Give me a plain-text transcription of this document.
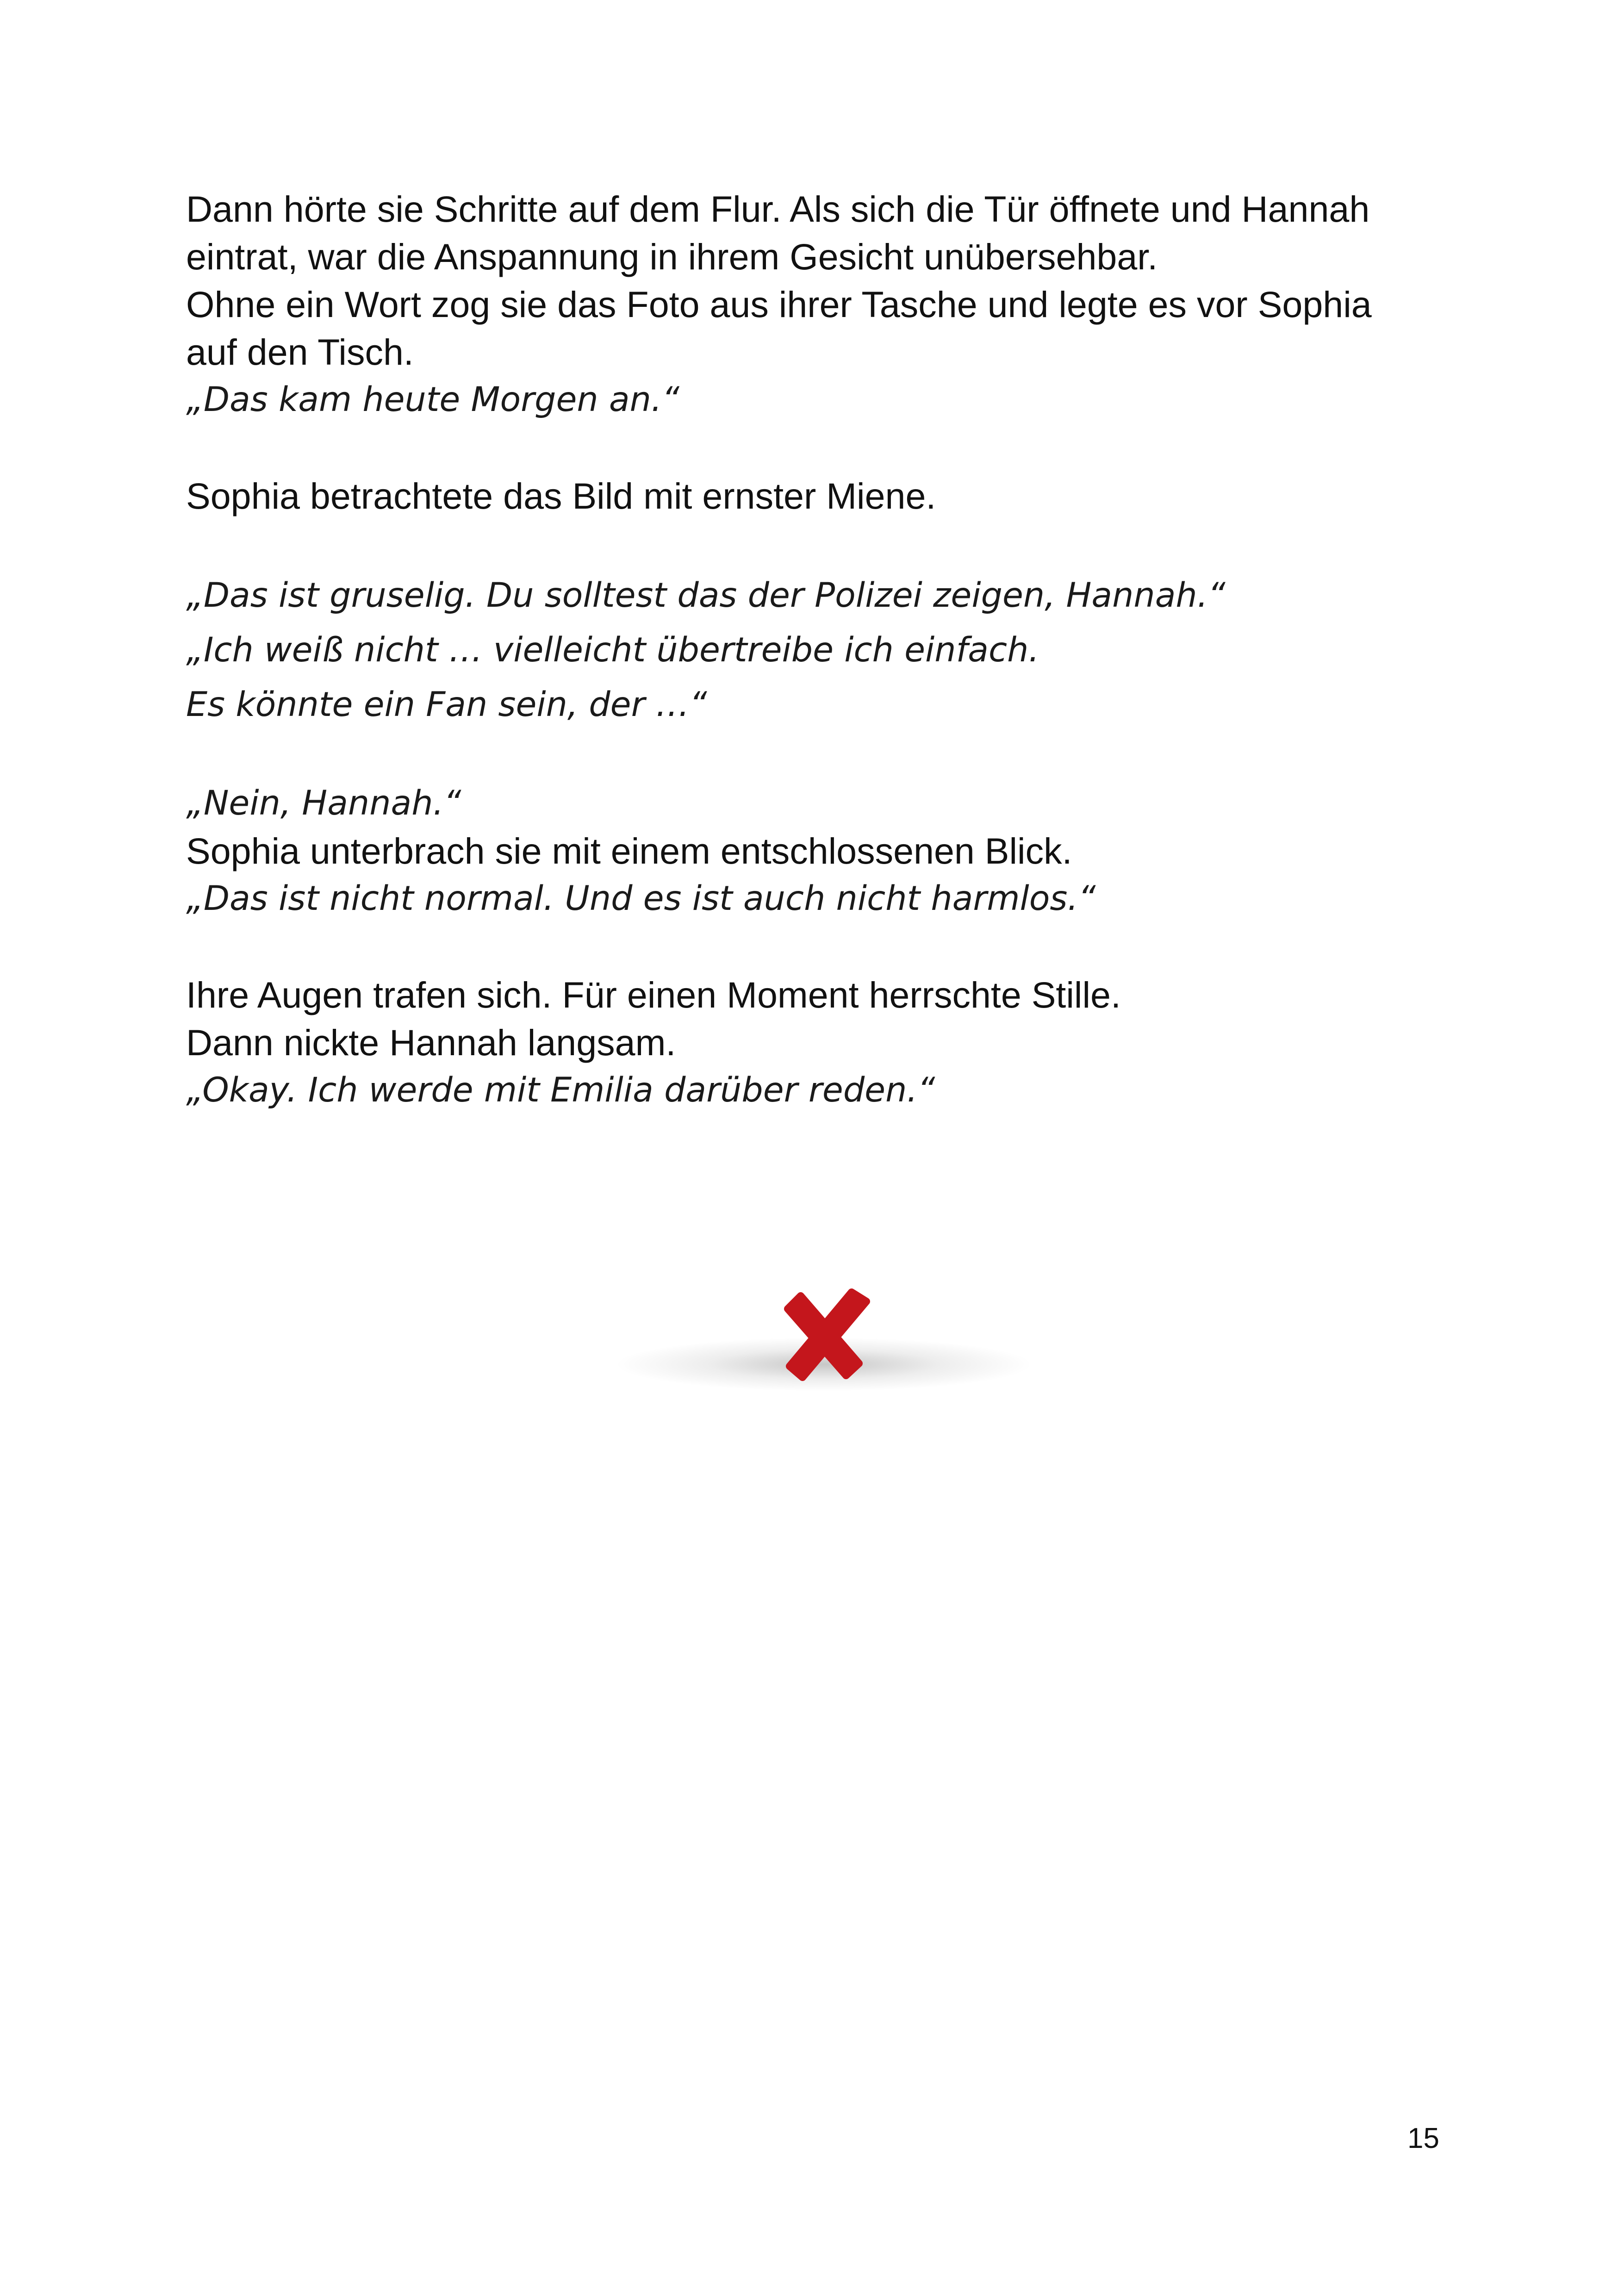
Dann hörte sie Schritte auf dem Flur. Als sich die Tür öffnete und Hannah
eintrat, war die Anspannung in ihrem Gesicht unübersehbar.
Ohne ein Wort zog sie das Foto aus ihrer Tasche und legte es vor Sophia
auf den Tisch.
„Das kam heute Morgen an.“
Sophia betrachtete das Bild mit ernster Miene.
„Das ist gruselig. Du solltest das der Polizei zeigen, Hannah.“
„Ich weiß nicht … vielleicht übertreibe ich einfach.
Es könnte ein Fan sein, der …“
„Nein, Hannah.“
Sophia unterbrach sie mit einem entschlossenen Blick.
„Das ist nicht normal. Und es ist auch nicht harmlos.“
Ihre Augen trafen sich. Für einen Moment herrschte Stille.
Dann nickte Hannah langsam.
„Okay. Ich werde mit Emilia darüber reden.“
15
